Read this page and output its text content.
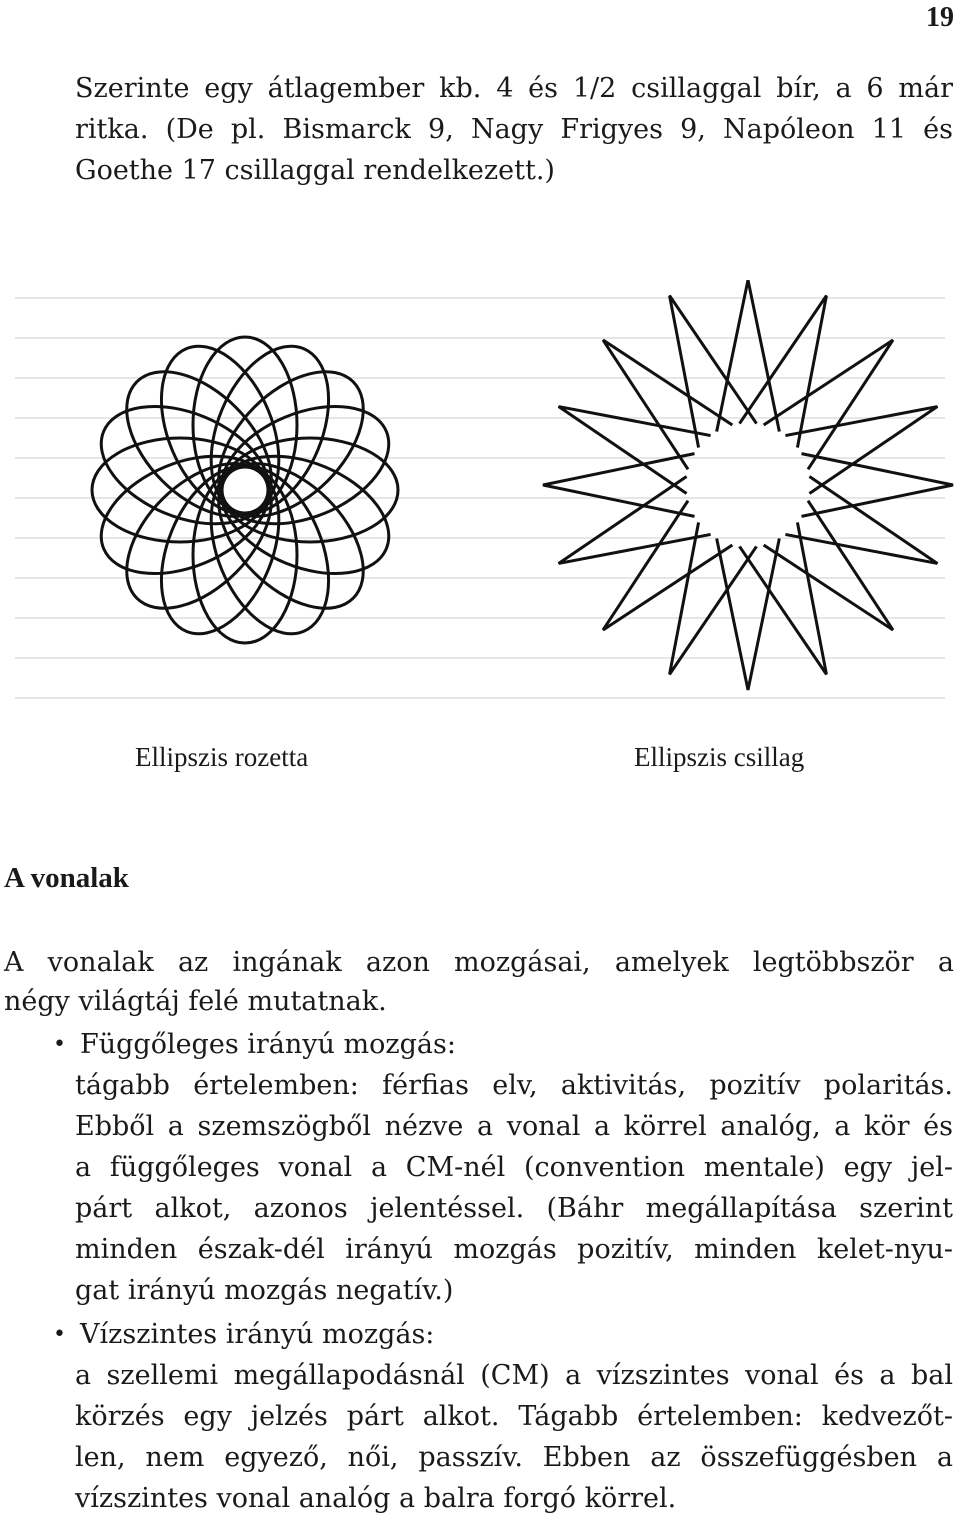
19
Szerinte egy átlagember kb. 4 és 1/2 csillaggal bír, a 6 már
ritka. (De pl. Bismarck 9, Nagy Frigyes 9, Napóleon 11 és
Goethe 17 csillaggal rendelkezett.)
Ellipszis rozetta	Ellipszis csillag
A vonalak
A vonalak az ingának azon mozgásai, amelyek legtöbbször a
négy világtáj felé mutatnak.
• Függőleges irányú mozgás:
tágabb értelemben: férfias elv, aktivitás, pozitív polaritás.
Ebből a szemszögből nézve a vonal a körrel analóg, a kör és
a függőleges vonal a CM-nél (convention mentale) egy jel-
párt alkot, azonos jelentéssel. (Báhr megállapítása szerint
minden észak-dél irányú mozgás pozitív, minden kelet-nyu-
gat irányú mozgás negatív.)
• Vízszintes irányú mozgás:
a szellemi megállapodásnál (CM) a vízszintes vonal és a bal
körzés egy jelzés párt alkot. Tágabb értelemben: kedvezőt-
len, nem egyező, női, passzív. Ebben az összefüggésben a
vízszintes vonal analóg a balra forgó körrel.
